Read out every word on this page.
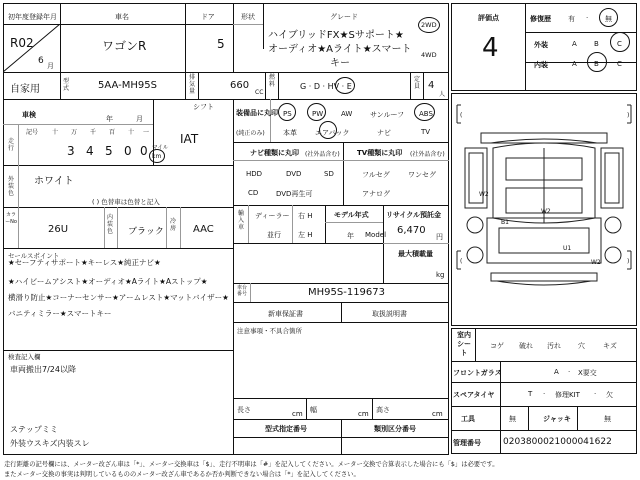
初年度登録年月
R02
6 月
車名
ワゴンR
ドア
5
形状	グレード
ハイブリッドFX★Sサポート★
オーディオ★Aライト★スマート
キー
2WD
4WD
自家用
型式	5AA-MH95S
排気量
660
CC
燃料	G · D · HV · E
定員 4
人
評価点
4
修復歴 有 · 無
外装	A B	C
内装	A B	C
車検	年	月
シフト
IAT
走行
記号 十 万 千 百 十 一
3 4 5 0 0 マイル
km
外装色
ホワイト
( ) 色替車は色替と記入
カラーNo
26U
内装色 ブラック
冷房 AAC
セールスポイント
★セーフティサポート★キーレス★純正ナビ★
★ハイビームアシスト★オーディオ★Aライト★Aストップ★
横滑り防止★コーナーセンサー★アームレスト★マットバイザー★
バニティミラー★スマートキー
検査記入欄
車両搬出7/24以降
ステップミミ
外装ウスキズ内装スレ
装備品に丸印
(純正のみ)
PS	PW	AW	サンルーフ ABS
本革	エアバック	ナビ	TV
ナビ種類に丸印 (社外品含む)
HDD	DVD	SD
CD	DVD再生可
TV種類に丸印 (社外品含む)
フルセグ	ワンセグ
アナログ
輸入車
ディーラー
並行
右 H
左 H
モデル年式
年 Model
リサイクル預託金
6,470
円
最大積載量
kg
車台番号	MH95S-119673
新車保証書	取扱説明書
注意事項・不具合箇所
長さ	cm 幅	cm 高さ	cm
型式指定番号	類別区分番号
(	)
(	)
W2
B1
W2
U1
W2
室内シート
コゲ 破れ 汚れ 穴	キズ
フロントガラス	A · X要交
スペアタイヤ	T · 修理KIT · 欠
工具	無	ジャッキ	無
管理番号 0203800021000041622
走行距離の記号欄には、メーター改ざん車は「*」、メーター交換車は「$」、走行不明車は「#」を記入してください。メーター交換で合算表示した場合にも「$」は必要です。
またメーター交換の事実は判明しているもののメーター改ざん車であるか否か判断できない場合は「*」を記入してください。
